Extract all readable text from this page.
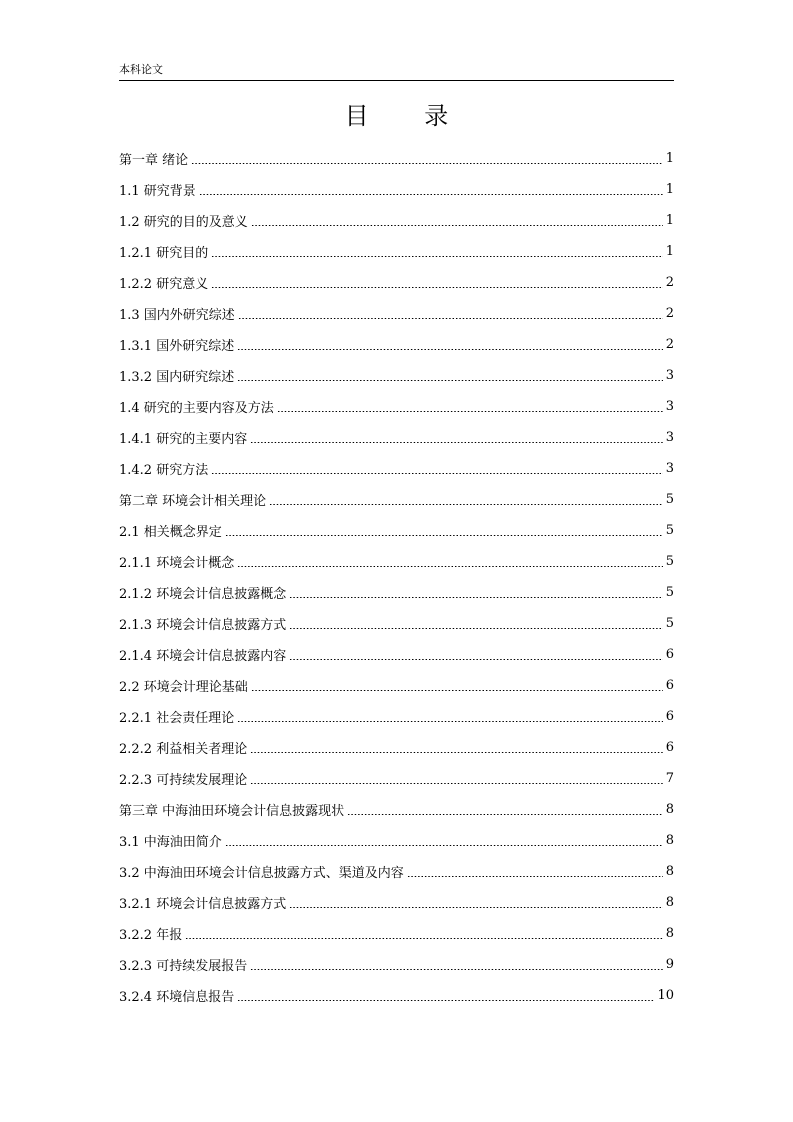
本科论文
目 录
第一章 绪论	1
1.1 研究背景	1
1.2 研究的目的及意义	1
1.2.1 研究目的	1
1.2.2 研究意义	2
1.3 国内外研究综述	2
1.3.1 国外研究综述	2
1.3.2 国内研究综述	3
1.4 研究的主要内容及方法	3
1.4.1 研究的主要内容	3
1.4.2 研究方法	3
第二章 环境会计相关理论	5
2.1 相关概念界定	5
2.1.1 环境会计概念	5
2.1.2 环境会计信息披露概念	5
2.1.3 环境会计信息披露方式	5
2.1.4 环境会计信息披露内容	6
2.2 环境会计理论基础	6
2.2.1 社会责任理论	6
2.2.2 利益相关者理论	6
2.2.3 可持续发展理论	7
第三章 中海油田环境会计信息披露现状	8
3.1 中海油田简介	8
3.2 中海油田环境会计信息披露方式、渠道及内容	8
3.2.1 环境会计信息披露方式	8
3.2.2 年报	8
3.2.3 可持续发展报告	9
3.2.4 环境信息报告	10
